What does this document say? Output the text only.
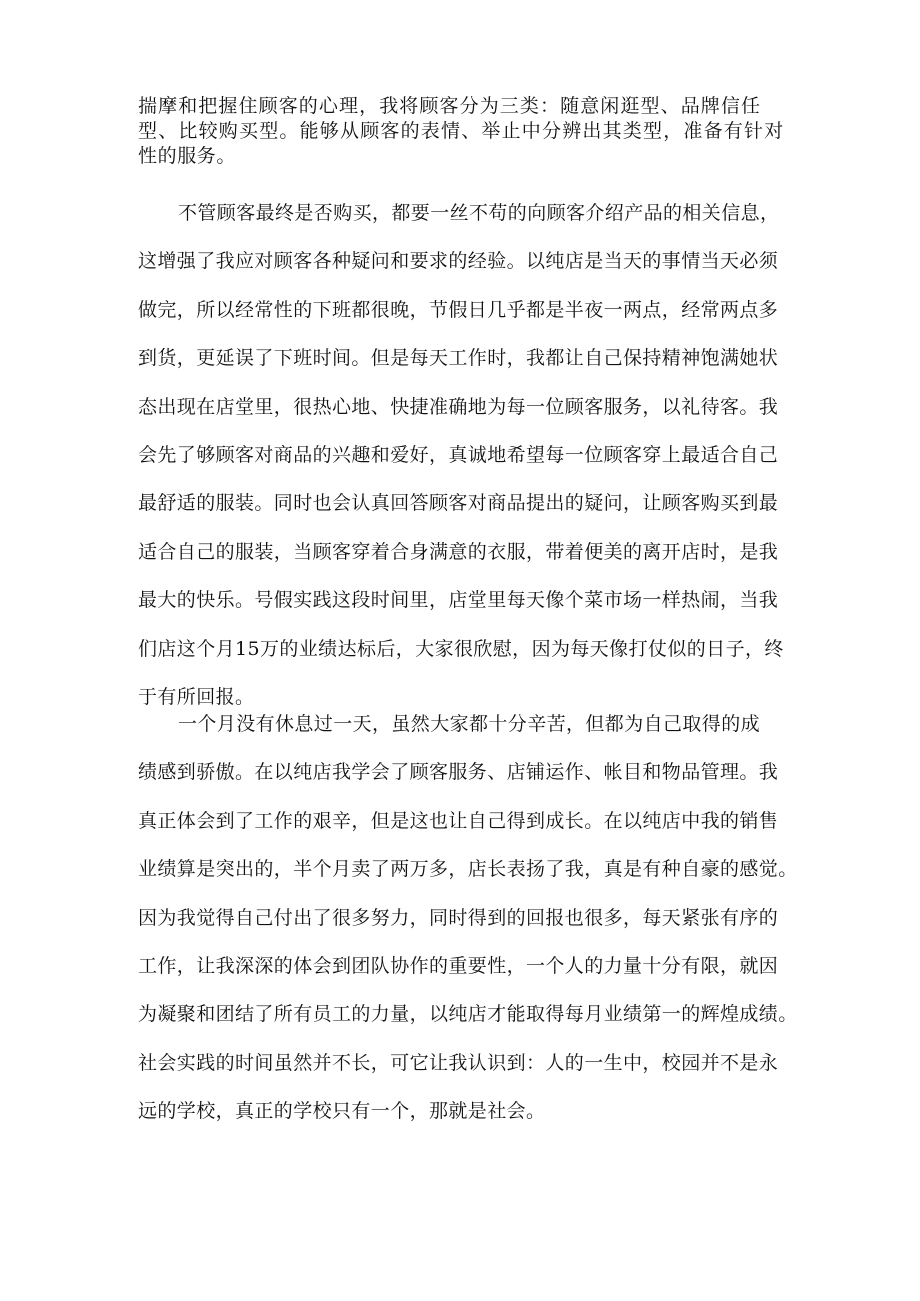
揣摩和把握住顾客的心理，我将顾客分为三类：随意闲逛型、品牌信任

型、比较购买型。能够从顾客的表情、举止中分辨出其类型，准备有针对

性的服务。

不管顾客最终是否购买，都要一丝不苟的向顾客介绍产品的相关信息，

这增强了我应对顾客各种疑问和要求的经验。以纯店是当天的事情当天必须

做完，所以经常性的下班都很晚，节假日几乎都是半夜一两点，经常两点多

到货，更延误了下班时间。但是每天工作时，我都让自己保持精神饱满她状

态出现在店堂里，很热心地、快捷准确地为每一位顾客服务，以礼待客。我

会先了够顾客对商品的兴趣和爱好，真诚地希望每一位顾客穿上最适合自己

最舒适的服装。同时也会认真回答顾客对商品提出的疑问，让顾客购买到最

适合自己的服装，当顾客穿着合身满意的衣服，带着便美的离开店时，是我

最大的快乐。号假实践这段时间里，店堂里每天像个菜市场一样热闹，当我

们店这个月15万的业绩达标后，大家很欣慰，因为每天像打仗似的日子，终

于有所回报。

一个月没有休息过一天，虽然大家都十分辛苦，但都为自己取得的成

绩感到骄傲。在以纯店我学会了顾客服务、店铺运作、帐目和物品管理。我

真正体会到了工作的艰辛，但是这也让自己得到成长。在以纯店中我的销售

业绩算是突出的，半个月卖了两万多，店长表扬了我，真是有种自豪的感觉。

因为我觉得自己付出了很多努力，同时得到的回报也很多，每天紧张有序的

工作，让我深深的体会到团队协作的重要性，一个人的力量十分有限，就因

为凝聚和团结了所有员工的力量，以纯店才能取得每月业绩第一的辉煌成绩。

社会实践的时间虽然并不长，可它让我认识到：人的一生中，校园并不是永

远的学校，真正的学校只有一个，那就是社会。
